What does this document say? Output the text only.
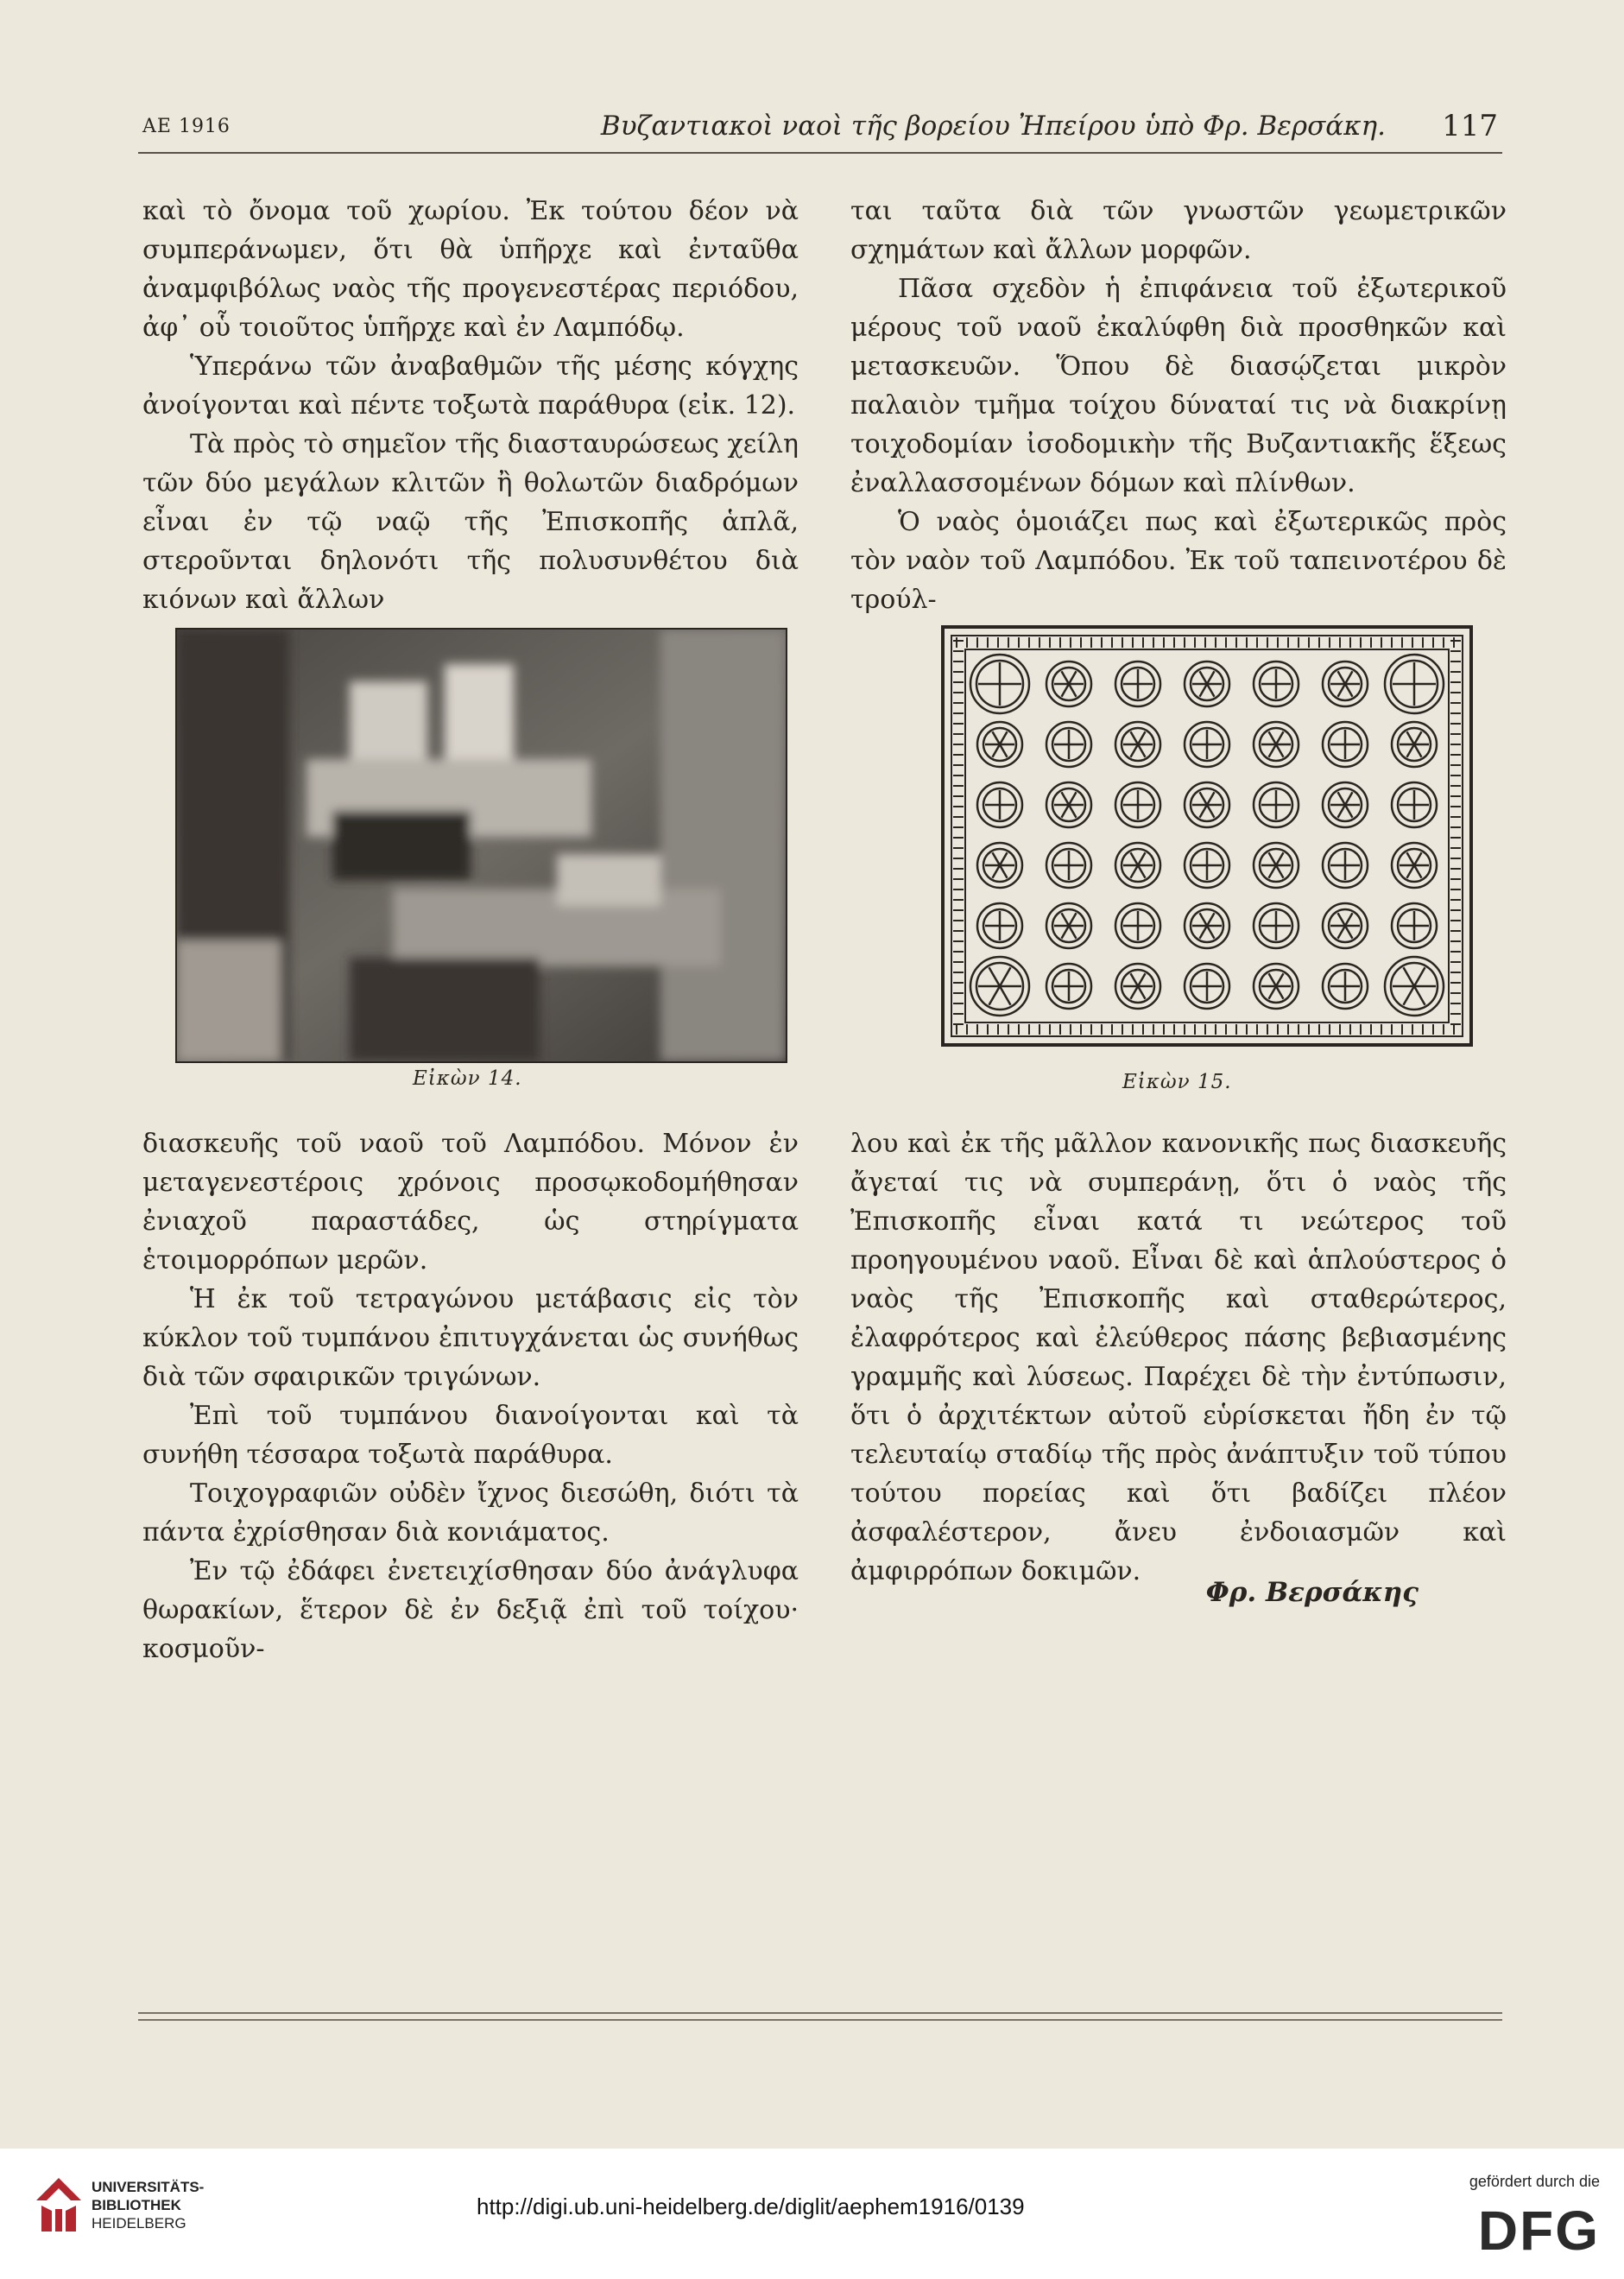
ΑΕ 1916	Βυζαντιακοὶ ναοὶ τῆς βορείου Ἠπείρου ὑπὸ Φρ. Βερσάκη. 117

καὶ τὸ ὄνομα τοῦ χωρίου. Ἐκ τούτου δέον νὰ συμπεράνωμεν, ὅτι θὰ ὑπῆρχε καὶ ἐνταῦθα ἀναμφιβόλως ναὸς τῆς προγενεστέρας περιόδου, ἀφ᾽ οὗ τοιοῦτος ὑπῆρχε καὶ ἐν Λαμπόδῳ.

Ὑπεράνω τῶν ἀναβαθμῶν τῆς μέσης κόγχης ἀνοίγονται καὶ πέντε τοξωτὰ παράθυρα (εἰκ. 12).

Τὰ πρὸς τὸ σημεῖον τῆς διασταυρώσεως χείλη τῶν δύο μεγάλων κλιτῶν ἢ θολωτῶν διαδρόμων εἶναι ἐν τῷ ναῷ τῆς Ἐπισκοπῆς ἁπλᾶ, στεροῦνται δηλονότι τῆς πολυσυνθέτου διὰ κιόνων καὶ ἄλλων

ται ταῦτα διὰ τῶν γνωστῶν γεωμετρικῶν σχημάτων καὶ ἄλλων μορφῶν.

Πᾶσα σχεδὸν ἡ ἐπιφάνεια τοῦ ἐξωτερικοῦ μέρους τοῦ ναοῦ ἐκαλύφθη διὰ προσθηκῶν καὶ μετασκευῶν. Ὅπου δὲ διασῴζεται μικρὸν παλαιὸν τμῆμα τοίχου δύναταί τις νὰ διακρίνῃ τοιχοδομίαν ἰσοδομικὴν τῆς Βυζαντιακῆς ἕξεως ἐναλλασσομένων δόμων καὶ πλίνθων.

Ὁ ναὸς ὁμοιάζει πως καὶ ἐξωτερικῶς πρὸς τὸν ναὸν τοῦ Λαμπόδου. Ἐκ τοῦ ταπεινοτέρου δὲ τρούλ-

Εἰκὼν 14.	Εἰκὼν 15.

διασκευῆς τοῦ ναοῦ τοῦ Λαμπόδου. Μόνον ἐν μεταγενεστέροις χρόνοις προσῳκοδομήθησαν ἐνιαχοῦ παραστάδες, ὡς στηρίγματα ἑτοιμορρόπων μερῶν.

Ἡ ἐκ τοῦ τετραγώνου μετάβασις εἰς τὸν κύκλον τοῦ τυμπάνου ἐπιτυγχάνεται ὡς συνήθως διὰ τῶν σφαιρικῶν τριγώνων.

Ἐπὶ τοῦ τυμπάνου διανοίγονται καὶ τὰ συνήθη τέσσαρα τοξωτὰ παράθυρα.

Τοιχογραφιῶν οὐδὲν ἴχνος διεσώθη, διότι τὰ πάντα ἐχρίσθησαν διὰ κονιάματος.

Ἐν τῷ ἐδάφει ἐνετειχίσθησαν δύο ἀνάγλυφα θωρακίων, ἕτερον δὲ ἐν δεξιᾷ ἐπὶ τοῦ τοίχου· κοσμοῦν-

λου καὶ ἐκ τῆς μᾶλλον κανονικῆς πως διασκευῆς ἄγεταί τις νὰ συμπεράνῃ, ὅτι ὁ ναὸς τῆς Ἐπισκοπῆς εἶναι κατά τι νεώτερος τοῦ προηγουμένου ναοῦ. Εἶναι δὲ καὶ ἁπλούστερος ὁ ναὸς τῆς Ἐπισκοπῆς καὶ σταθερώτερος, ἐλαφρότερος καὶ ἐλεύθερος πάσης βεβιασμένης γραμμῆς καὶ λύσεως. Παρέχει δὲ τὴν ἐντύπωσιν, ὅτι ὁ ἀρχιτέκτων αὐτοῦ εὑρίσκεται ἤδη ἐν τῷ τελευταίῳ σταδίῳ τῆς πρὸς ἀνάπτυξιν τοῦ τύπου τούτου πορείας καὶ ὅτι βαδίζει πλέον ἀσφαλέστερον, ἄνευ ἐνδοιασμῶν καὶ ἀμφιρρόπων δοκιμῶν.

Φρ. Βερσάκης
UNIVERSITÄTS-
BIBLIOTHEK
HEIDELBERG
http://digi.ub.uni-heidelberg.de/diglit/aephem1916/0139
gefördert durch die
DFG
